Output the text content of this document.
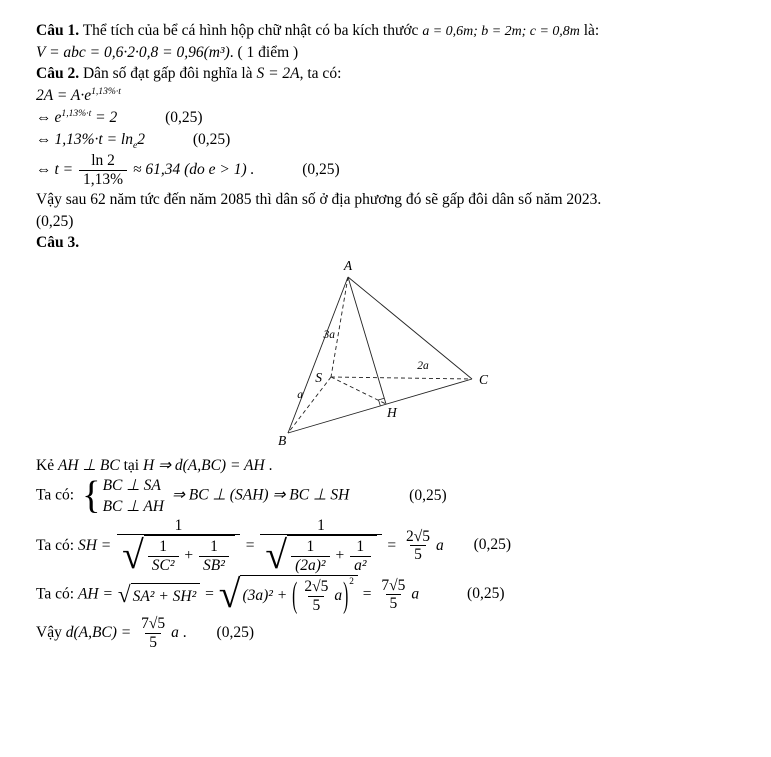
Câu 1. Thể tích của bể cá hình hộp chữ nhật có ba kích thước a = 0,6m; b = 2m; c = 0,8m là:

V = abc = 0,6·2·0,8 = 0,96(m³). ( 1 điểm )

Câu 2. Dân số đạt gấp đôi nghĩa là S = 2A, ta có:

$2A = A\cdot e^{1,13\%\cdot t}$

⇔ $e^{1,13\%\cdot t} = 2$	(0,25)

⇔ $1,13\%\cdot t = \ln_e2$	(0,25)

⇔ $t = \frac{\ln 2}{1,13\%} \approx 61,34$ (do e > 1) .	(0,25)

Vậy sau 62 năm tức đến năm 2085 thì dân số ở địa phương đó sẽ gấp đôi dân số năm 2023.

(0,25)

Câu 3.

A
S	C
B
H
3a
2a
a

Kẻ AH ⊥ BC tại H ⇒ d(A,BC) = AH .

Ta có: { BC ⊥ SA
BC ⊥ AH
⇒ BC ⊥ (SAH) ⇒ BC ⊥ SH	(0,25)

Ta có: SH = $\frac{1}{√ \frac{1}{\text{SC²}} + \frac{1}{\text{SB²}}}$ =
1
√ $\frac{1}{\text{(2a)²}} + \frac{1}{\text{a²}} = \frac{2√5}{5}$ a (0,25)

Ta có: AH = √ SA² + SH² = √ (3a)² + ( $\frac{2√5}{5} a)^2$
= $\frac{7√5}{5}$ a	(0,25)

Vậy $d(A,BC) = \frac{7√5}{5}$ a . (0,25)
